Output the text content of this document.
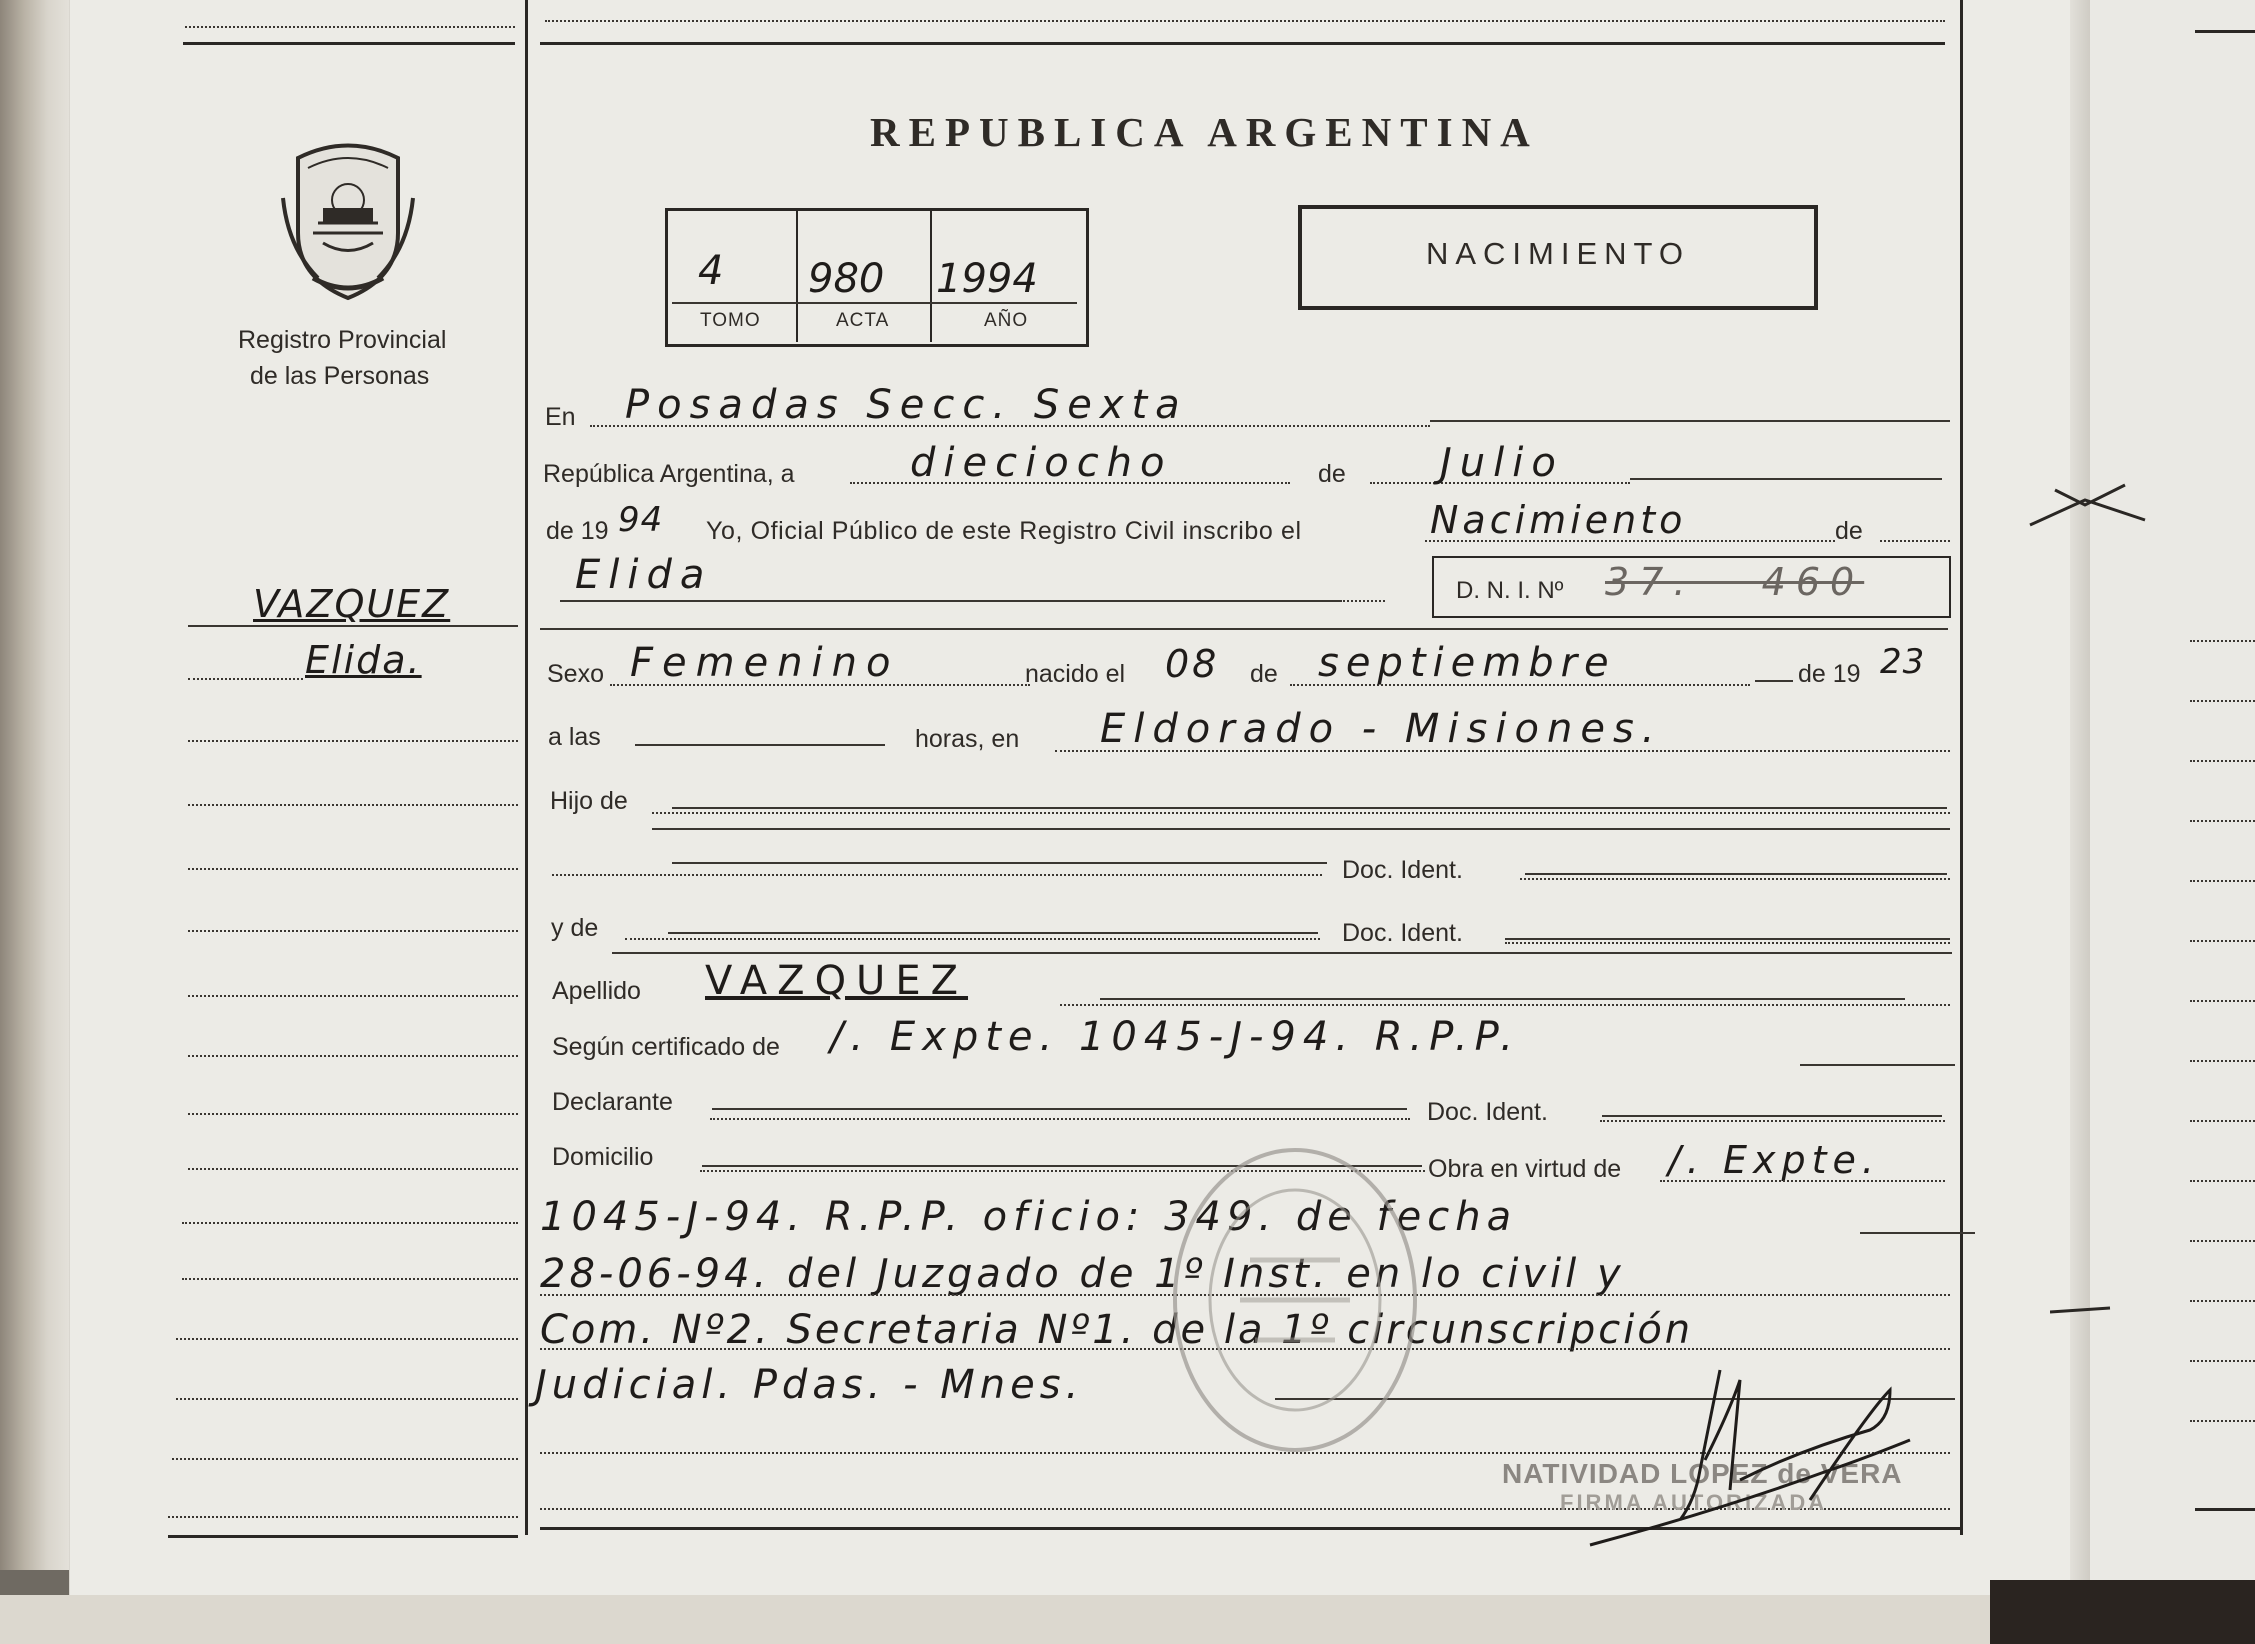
Registro Provincial
de las Personas
REPUBLICA ARGENTINA
4 980 1994
TOMO	ACTA	AÑO
NACIMIENTO
En Posadas Secc. Sexta
República Argentina, a	dieciocho	de Julio
de 19 94 Yo, Oficial Público de este Registro Civil inscribo el	Nacimiento	de
Elida	D. N. I. Nº 37.   460
VAZQUEZ
Elida.	Sexo Femenino	nacido el 08 de septiembre	de 19 23
a las	horas, en Eldorado - Misiones.
Hijo de
Doc. Ident.
y de	Doc. Ident.
Apellido VAZQUEZ
Según certificado de /. Expte. 1045-J-94. R.P.P.
Declarante	Doc. Ident.
Domicilio	Obra en virtud de /. Expte.
1045-J-94. R.P.P. oficio: 349. de fecha
28-06-94. del Juzgado de 1º Inst. en lo civil y
Com. Nº2. Secretaria Nº1. de la 1º circunscripción
Judicial. Pdas. - Mnes.
NATIVIDAD LOPEZ de VERA
FIRMA AUTORIZADA
